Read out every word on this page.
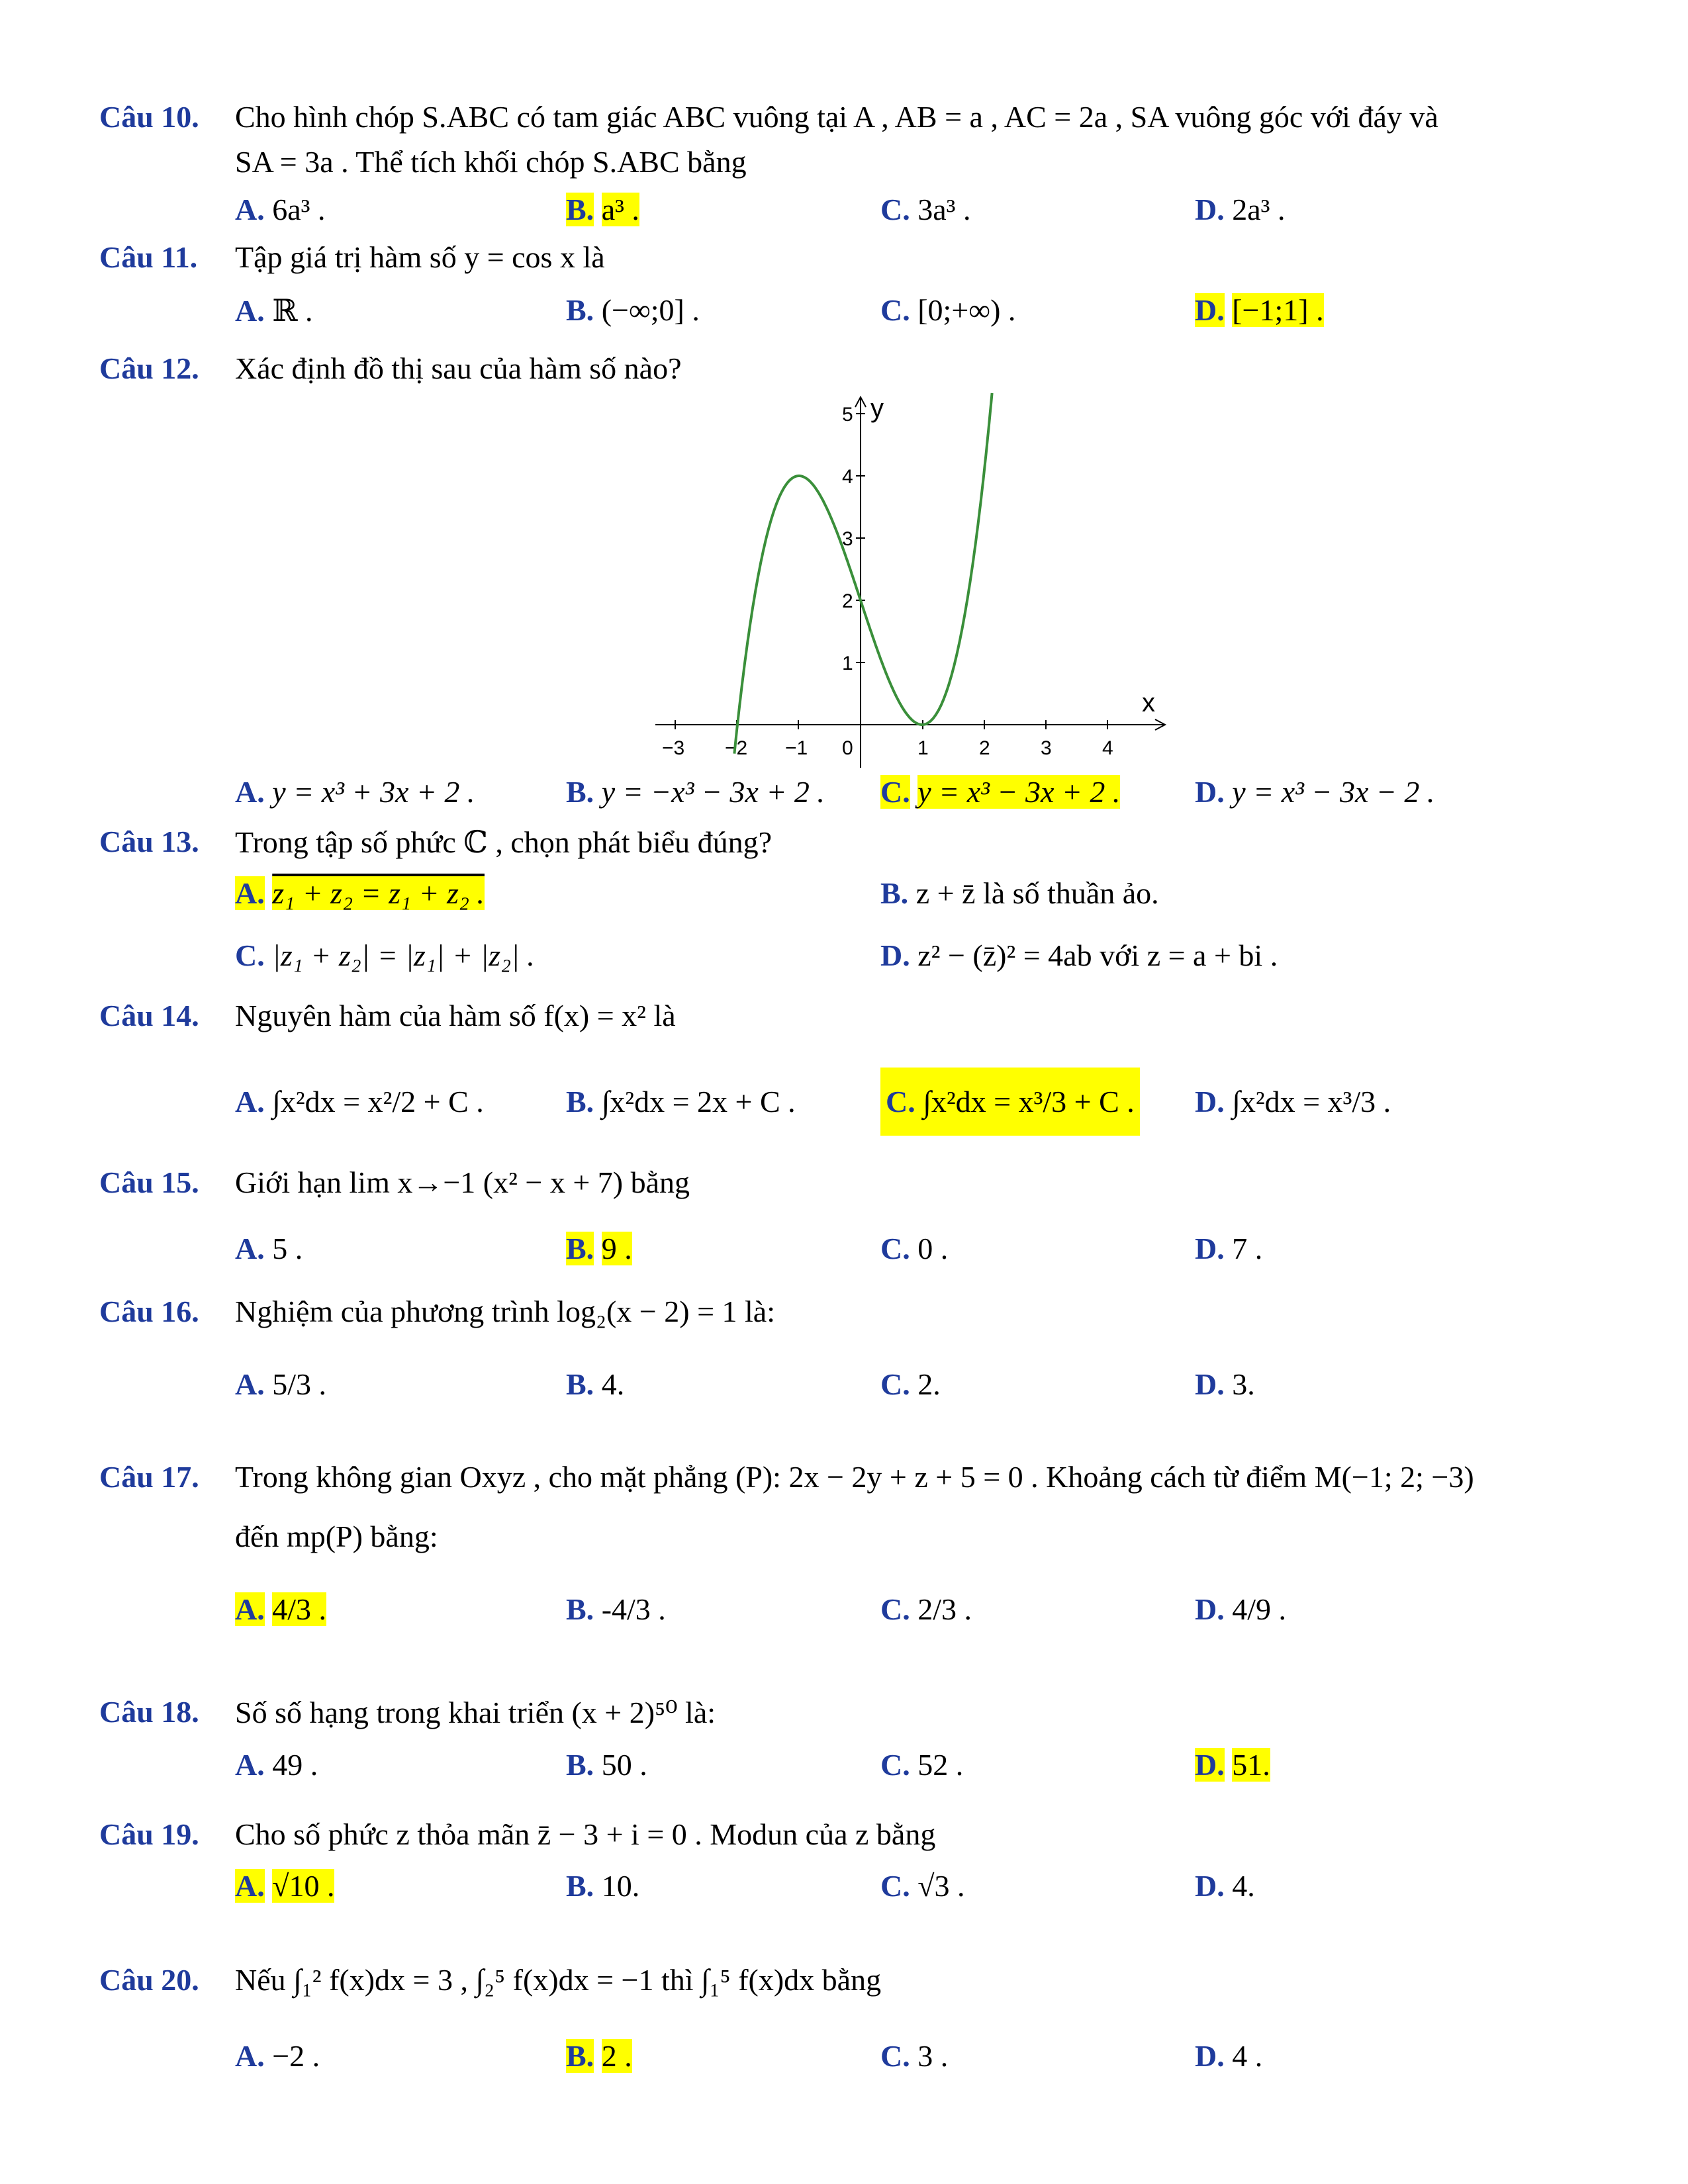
Câu 10. Cho hình chóp S.ABC có tam giác ABC vuông tại A , AB = a , AC = 2a , SA vuông góc với đáy và
SA = 3a . Thể tích khối chóp S.ABC bằng
A. 6a³ .	B. a³ .	C. 3a³ .	D. 2a³ .
Câu 11. Tập giá trị hàm số y = cos x là
A. ℝ .	B. (−∞;0] .	C. [0;+∞) .	D. [−1;1] .
Câu 12. Xác định đồ thị sau của hàm số nào?
A. y = x³ + 3x + 2 .	B. y = −x³ − 3x + 2 . C. y = x³ − 3x + 2 . D. y = x³ − 3x − 2 .
−3 −2 −1 0	1	2	3	4
1
2
3
4
5
x
y
Câu 13. Trong tập số phức ℂ , chọn phát biểu đúng?
A. z₁ + z₂ = z₁ + z₂ .	B. z + z̄ là số thuần ảo.
C. |z₁ + z₂| = |z₁| + |z₂| .	D. z² − (z̄)² = 4ab với z = a + bi .
Câu 14. Nguyên hàm của hàm số f(x) = x² là
A. ∫x²dx = x²/2 + C .	B. ∫x²dx = 2x + C .	C. ∫x²dx = x³/3 + C . D. ∫x²dx = x³/3 .
Câu 15. Giới hạn lim x→−1 (x² − x + 7) bằng
A. 5 .	B. 9 .	C. 0 .	D. 7 .
Câu 16. Nghiệm của phương trình log₂(x − 2) = 1 là:
A. 5/3 .	B. 4.	C. 2.	D. 3.
Câu 17. Trong không gian Oxyz , cho mặt phẳng (P): 2x − 2y + z + 5 = 0 . Khoảng cách từ điểm M(−1; 2; −3)
đến mp(P) bằng:
A. 4/3 .	B. -4/3 .	C. 2/3 .	D. 4/9 .
Câu 18. Số số hạng trong khai triển (x + 2)⁵⁰ là:
A. 49 .	B. 50 .	C. 52 .	D. 51.
Câu 19. Cho số phức z thỏa mãn z̄ − 3 + i = 0 . Modun của z bằng
A. √10 .	B. 10.	C. √3 .	D. 4.
Câu 20. Nếu ∫₁² f(x)dx = 3 , ∫₂⁵ f(x)dx = −1 thì ∫₁⁵ f(x)dx bằng
A. −2 .	B. 2 .	C. 3 .	D. 4 .
